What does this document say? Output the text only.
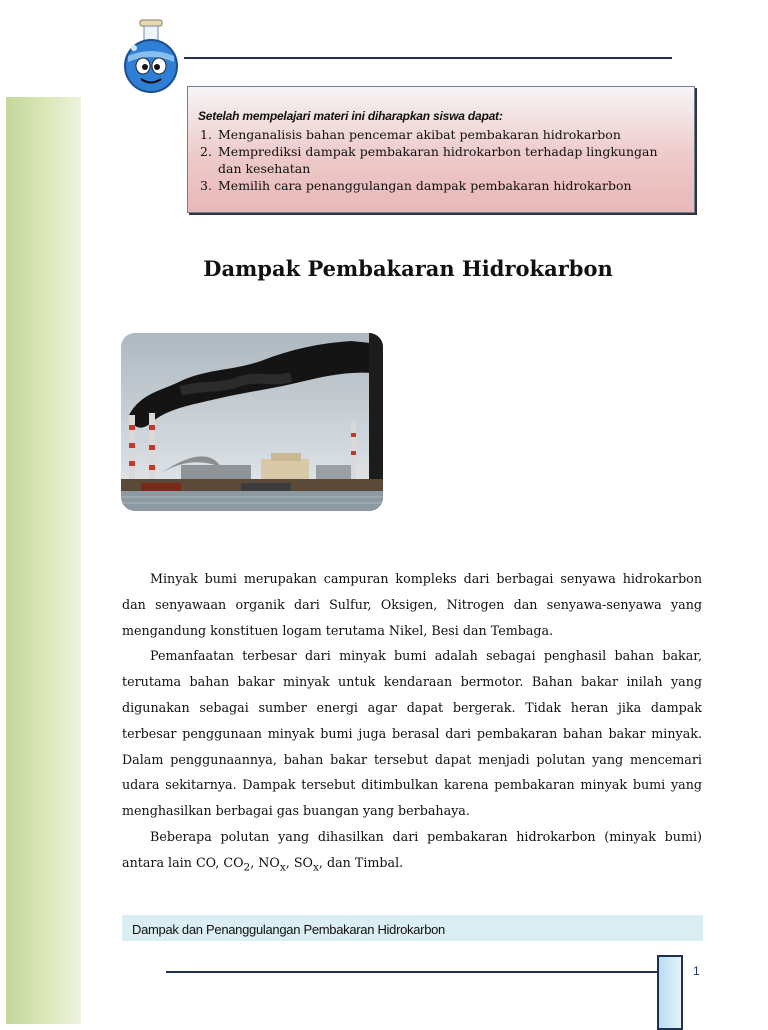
Setelah mempelajari materi ini diharapkan siswa dapat:

1. Menganalisis bahan pencemar akibat pembakaran hidrokarbon
2. Memprediksi dampak pembakaran hidrokarbon terhadap lingkungan dan kesehatan
3. Memilih cara penanggulangan dampak pembakaran hidrokarbon
Dampak Pembakaran Hidrokarbon

Minyak bumi merupakan campuran kompleks dari berbagai senyawa hidrokarbon dan senyawaan organik dari Sulfur, Oksigen, Nitrogen dan senyawa-senyawa yang mengandung konstituen logam terutama Nikel, Besi dan Tembaga.

Pemanfaatan terbesar dari minyak bumi adalah sebagai penghasil bahan bakar, terutama bahan bakar minyak untuk kendaraan bermotor. Bahan bakar inilah yang digunakan sebagai sumber energi agar dapat bergerak. Tidak heran jika dampak terbesar penggunaan minyak bumi juga berasal dari pembakaran bahan bakar minyak. Dalam penggunaannya, bahan bakar tersebut dapat menjadi polutan yang mencemari udara sekitarnya. Dampak tersebut ditimbulkan karena pembakaran minyak bumi yang menghasilkan berbagai gas buangan yang berbahaya.

Beberapa polutan yang dihasilkan dari pembakaran hidrokarbon (minyak bumi) antara lain CO, $CO_2$, $NO_x$, $SO_x$, dan Timbal.

Dampak dan Penanggulangan Pembakaran Hidrokarbon
1
